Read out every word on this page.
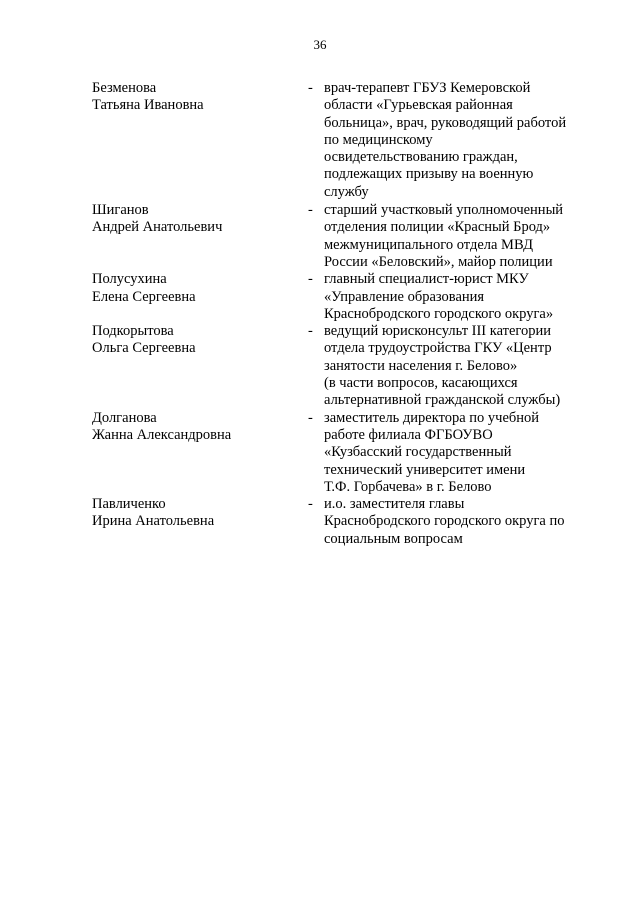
36
Безменова
Татьяна Ивановна
- врач-терапевт ГБУЗ Кемеровской
области «Гурьевская районная
больница», врач, руководящий работой
по медицинскому
освидетельствованию граждан,
подлежащих призыву на военную
службу
Шиганов
Андрей Анатольевич
- старший участковый уполномоченный
отделения полиции «Красный Брод»
межмуниципального отдела МВД
России «Беловский», майор полиции
Полусухина
Елена Сергеевна
- главный специалист-юрист МКУ
«Управление образования
Краснобродского городского округа»
Подкорытова
Ольга Сергеевна
- ведущий юрисконсульт III категории
отдела трудоустройства ГКУ «Центр
занятости населения г. Белово»
(в части вопросов, касающихся
альтернативной гражданской службы)
Долганова
Жанна Александровна
- заместитель директора по учебной
работе филиала ФГБОУВО
«Кузбасский государственный
технический университет имени
Т.Ф. Горбачева» в г. Белово
Павличенко
Ирина Анатольевна
- и.о. заместителя главы
Краснобродского городского округа по
социальным вопросам
